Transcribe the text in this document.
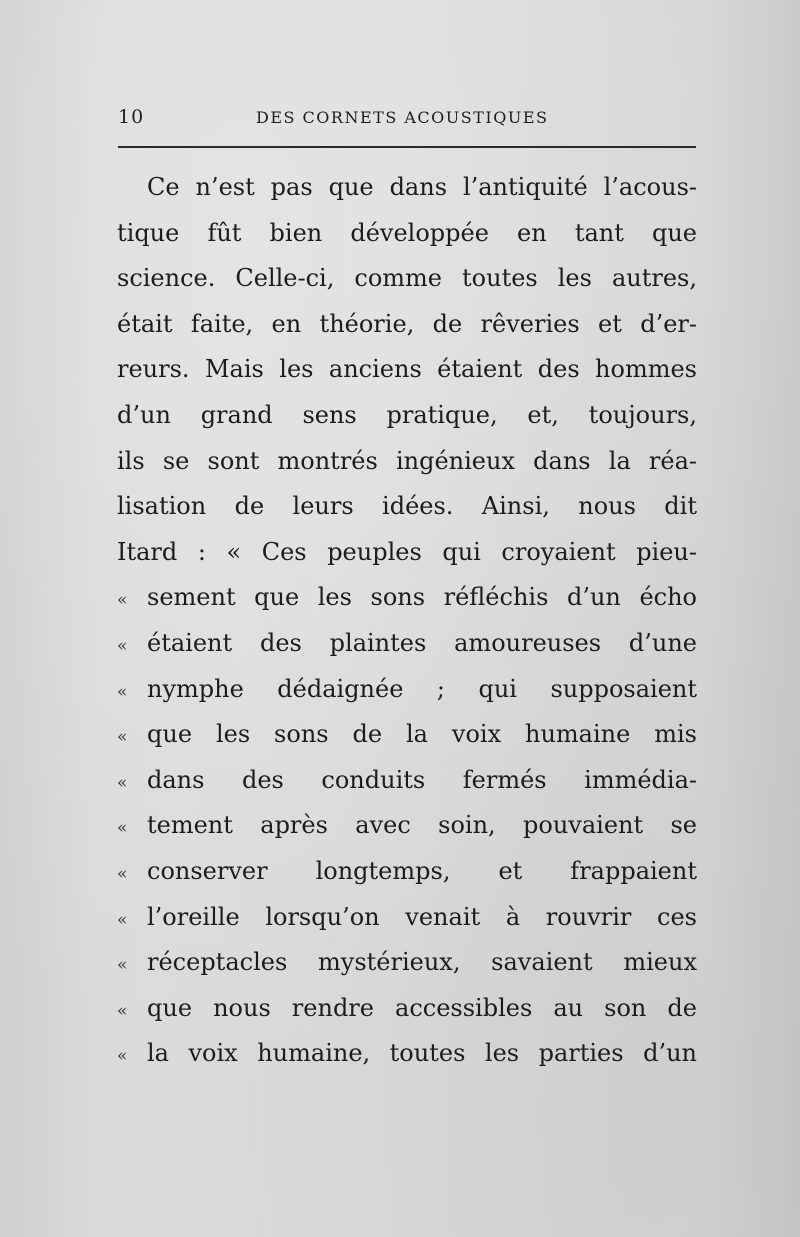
10	DES CORNETS ACOUSTIQUES
Ce n’est pas que dans l’antiquité l’acous-
tique fût bien développée en tant que
science. Celle-ci, comme toutes les autres,
était faite, en théorie, de rêveries et d’er-
reurs. Mais les anciens étaient des hommes
d’un grand sens pratique, et, toujours,
ils se sont montrés ingénieux dans la réa-
lisation de leurs idées. Ainsi, nous dit
Itard : « Ces peuples qui croyaient pieu-
« sement que les sons réfléchis d’un écho
« étaient des plaintes amoureuses d’une
« nymphe dédaignée ; qui supposaient
« que les sons de la voix humaine mis
« dans des conduits fermés immédia-
« tement après avec soin, pouvaient se
« conserver longtemps, et frappaient
« l’oreille lorsqu’on venait à rouvrir ces
« réceptacles mystérieux, savaient mieux
« que nous rendre accessibles au son de
« la voix humaine, toutes les parties d’un
